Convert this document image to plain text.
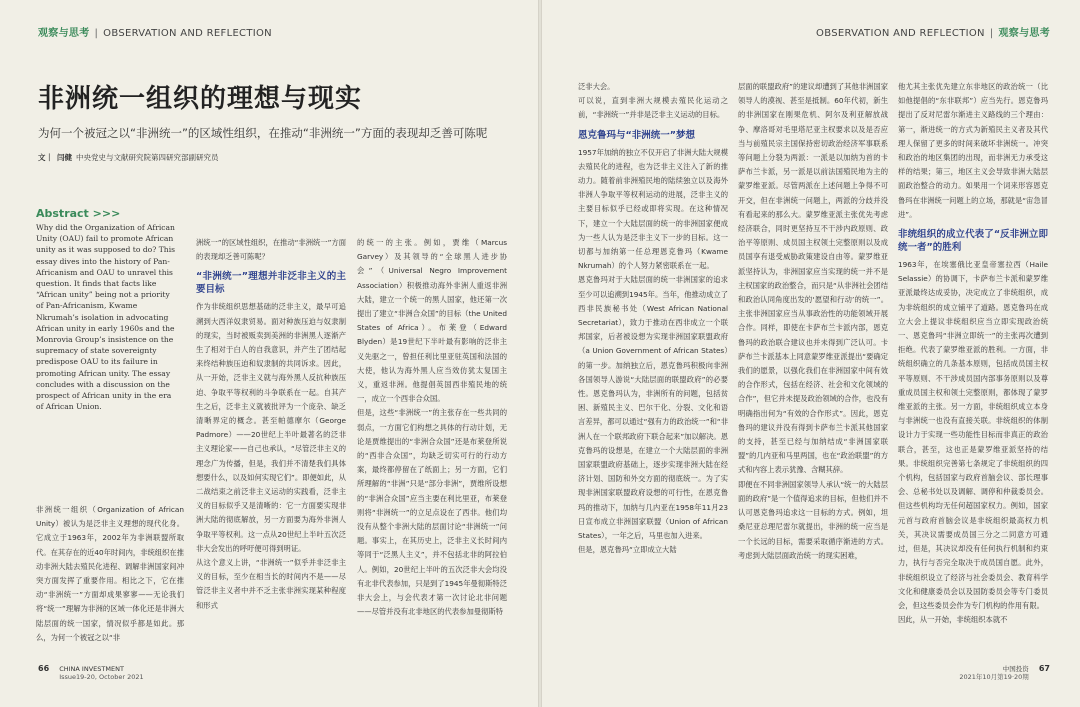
观察与思考 | OBSERVATION AND REFLECTION
非洲统一组织的理想与现实
为何一个被冠之以“非洲统一”的区域性组织，在推动“非洲统一”方面的表现却乏善可陈呢
文｜ 闫健 中央党史与文献研究院第四研究部副研究员
Abstract >>>
Why did the Organization of African Unity (OAU) fail to promote African unity as it was supposed to do? This essay dives into the history of Pan-Africanism and OAU to unravel this question. It finds that facts like “African unity” being not a priority of Pan-Africanism, Kwame Nkrumah’s isolation in advocating African unity in early 1960s and the Monrovia Group’s insistence on the supremacy of state sovereignty predispose OAU to its failure in promoting African unity. The essay concludes with a discussion on the prospect of African unity in the era of African Union.

非洲统一组织（Organization of African Unity）被认为是泛非主义理想的现代化身。它成立于1963年，2002年为非洲联盟所取代。在其存在的近40年时间内，非统组织在推动非洲大陆去殖民化进程、调解非洲国家间冲突方面发挥了重要作用。相比之下，它在推动“非洲统一”方面却成果寥寥——无论我们将“统一”理解为非洲的区域一体化还是非洲大陆层面的统一国家，情况似乎都是如此。那么，为何一个被冠之以“非

洲统一”的区域性组织，在推动“非洲统一”方面的表现却乏善可陈呢？

“非洲统一”理想并非泛非主义的主要目标

作为非统组织思想基础的泛非主义，最早可追溯到大西洋奴隶贸易。面对种族压迫与奴隶制的现实，当时被贩卖到美洲的非洲黑人逐渐产生了相对于白人的自我意识，并产生了团结起来终结种族压迫和奴隶制的共同诉求。因此，从一开始，泛非主义就与海外黑人反抗种族压迫、争取平等权利的斗争联系在一起。自其产生之后，泛非主义就被批评为一个庞杂、缺乏清晰界定的概念。甚至帕德摩尔（George Padmore）——20世纪上半叶最著名的泛非主义理论家——自己也承认，“尽管泛非主义的理念广为传播，但是，我们并不清楚我们具体想要什么，以及如何实现它们”。即便如此，从二战结束之前泛非主义运动的实践看，泛非主义的目标似乎又是清晰的：它一方面要实现非洲大陆的彻底解放，另一方面要为海外非洲人争取平等权利。这一点从20世纪上半叶五次泛非大会发出的呼吁便可得到明证。

从这个意义上讲，“非洲统一”似乎并非泛非主义的目标，至少在相当长的时间内不是——尽管泛非主义者中并不乏主张非洲实现某种程度和形式

的统一的主张。例如，贾维（Marcus Garvey）及其领导的“全球黑人进步协会”（Universal Negro Improvement Association）积极推动海外非洲人重返非洲大陆，建立一个统一的黑人国家，他还第一次提出了建立“非洲合众国”的目标（the United States of Africa）。布莱登（Edward Blyden）是19世纪下半叶最有影响的泛非主义先驱之一，曾担任利比里亚驻英国和法国的大使，他认为海外黑人应当效仿犹太复国主义，重返非洲。他提倡英国西非殖民地的统一，成立一个西非合众国。

但是，这些“非洲统一”的主张存在一些共同的弱点，一方面它们构想之具体的行动计划，无论是贾维提出的“非洲合众国”还是布莱登所说的“西非合众国”，均缺乏切实可行的行动方案，最终都停留在了纸面上；另一方面，它们所理解的“非洲”只是“部分非洲”，贾维所设想的“非洲合众国”应当主要在利比里亚，布莱登则将“非洲统一”的立足点设在了西非。他们均没有从整个非洲大陆的层面讨论“非洲统一”问题。事实上，在其历史上，泛非主义长时间内等同于“泛黑人主义”，并不包括北非的阿拉伯人。例如，20世纪上半叶的五次泛非大会均没有北非代表参加，只是到了1945年曼彻斯特泛非大会上，与会代表才第一次讨论北非问题——尽管并没有北非地区的代表参加曼彻斯特

66 CHINA INVESTMENT
Issue19-20, October 2021
OBSERVATION AND REFLECTION | 观察与思考

泛非大会。

可以说，直到非洲大规模去殖民化运动之前，“非洲统一”并非是泛非主义运动的目标。

恩克鲁玛与“非洲统一”梦想

1957年加纳的独立不仅开启了非洲大陆大规模去殖民化的进程，也为泛非主义注入了新的推动力。随着前非洲殖民地的陆续独立以及海外非洲人争取平等权利运动的进展，泛非主义的主要目标似乎已经或即将实现。在这种情况下，建立一个大陆层面的统一的非洲国家便成为一些人认为是泛非主义下一步的目标。这一切都与加纳第一任总理恩克鲁玛（Kwame Nkrumah）的个人努力紧密联系在一起。

恩克鲁玛对于大陆层面的统一非洲国家的追求至少可以追溯到1945年。当年，他推动成立了西非民族秘书处（West African National Secretariat），致力于推动在西非成立一个联邦国家，后者被设想为实现非洲国家联盟政府（a Union Government of African States）的第一步。加纳独立后，恩克鲁玛积极向非洲各国领导人游说“大陆层面的联盟政府”的必要性。恩克鲁玛认为，非洲所有的问题，包括贫困、新殖民主义、巴尔干化、分裂、文化和语言差异，都可以通过“强有力的政治统一”和“非洲人在一个联邦政府下联合起来”加以解决。恩克鲁玛的设想是，在建立一个大陆层面的非洲国家联盟政府基础上，逐步实现非洲大陆在经济计划、国防和外交方面的彻底统一。为了实现非洲国家联盟政府设想的可行性，在恩克鲁玛的推动下，加纳与几内亚在1958年11月23日宣布成立非洲国家联盟（Union of African States），一年之后，马里也加入进来。

但是，恩克鲁玛“立即成立大陆

层面的联盟政府”的建议却遭到了其他非洲国家领导人的漠视、甚至是抵制。60年代初，新生的非洲国家在刚果危机、阿尔及利亚解放战争、摩洛哥对毛里塔尼亚主权要求以及是否应当与前殖民宗主国保持密切政治经济军事联系等问题上分裂为两派：一派是以加纳为首的卡萨布兰卡派，另一派是以前法国殖民地为主的蒙罗维亚派。尽管两派在上述问题上争得不可开交，但在非洲统一问题上，两派的分歧并没有看起来的那么大。蒙罗维亚派主张优先考虑经济联合，同时更坚持互不干涉内政原则、政治平等原则、成员国主权领土完整原则以及成员国享有退受威胁政策建设自由等。蒙罗维亚派坚持认为，非洲国家应当实现的统一并不是主权国家的政治整合，而只是“从非洲社会团结和政治认同角度出发的‘愿望和行动’的统一”。主张非洲国家应当从事政治性的功能领域开展合作。同样，即使在卡萨布兰卡派内部，恩克鲁玛的政治联合建议也并未得到广泛认可。卡萨布兰卡派基本上同意蒙罗维亚派提出“要确定我们的愿景，以强化我们在非洲国家中间有效的合作形式，包括在经济、社会和文化领域的合作”，但它并未提及政治领域的合作，也没有明确指出何为“有效的合作形式”。因此，恩克鲁玛的建议并没有得到卡萨布兰卡派其他国家的支持，甚至已经与加纳结成“非洲国家联盟”的几内亚和马里两国，也在“政治联盟”的方式和内容上表示犹豫、含糊其辞。

即便在不同非洲国家领导人承认“统一的大陆层面的政府”是一个值得追求的目标，但他们并不认可恩克鲁玛追求这一目标的方式。例如，坦桑尼亚总理尼雷尔就提出，非洲的统一应当是一个长远的目标，需要采取循序渐进的方式。考虑到大陆层面政治统一的现实困难，

他尤其主张优先建立东非地区的政治统一（比如他提倡的“东非联邦”）应当先行。恩克鲁玛提出了反对尼雷尔渐进主义路线的三个理由：第一，渐进统一的方式为新殖民主义者及其代理人保留了更多的时间来破坏非洲统一。冲突和政治的地区集团的出现，而非洲无力承受这样的结果；第三，地区主义会导致非洲大陆层面政治整合的动力。如果用一个词来形容恩克鲁玛在非洲统一问题上的立场，那就是“宙急冒进”。

非统组织的成立代表了“反非洲立即统一者”的胜利

1963年，在埃塞俄比亚皇帝塞拉西（Haile Selassie）的协调下，卡萨布兰卡派和蒙罗维亚派最终达成妥协，决定成立了非统组织，成为非统组织的成立铺平了道路。恩克鲁玛在成立大会上提议非统组织应当立即实现政治统一、恩克鲁玛“非洲立即统一”的主张再次遭到拒绝。代表了蒙罗维亚派的胜利。一方面，非统组织确立的几条基本原则，包括成员国主权平等原则、不干涉成员国内部事务原则以及尊重成员国主权和领土完整原则，都体现了蒙罗维亚派的主张。另一方面，非统组织成立本身与非洲统一也没有直接关联。非统组织的体制设计力于实现一些功能性目标而非真正的政治联合，甚至，这也正是蒙罗维亚派坚持的结果。非统组织完善第七条规定了非统组织的四个机构，包括国家与政府首脑会议、部长理事会、总秘书处以及调解、调停和仲裁委员会。但这些机构均无任何超国家权力。例如，国家元首与政府首脑会议是非统组织最高权力机关，其决议需要成员国三分之二同意方可通过，但是，其决议却没有任何执行机制和约束力，执行与否完全取决于成员国自愿。此外，非统组织设立了经济与社会委员会、教育科学文化和健康委员会以及国防委员会等专门委员会，但这些委员会作为专门机构的作用有限。

因此，从一开始，非统组织本就不

中国投资
2021年10月第19·20期
67
